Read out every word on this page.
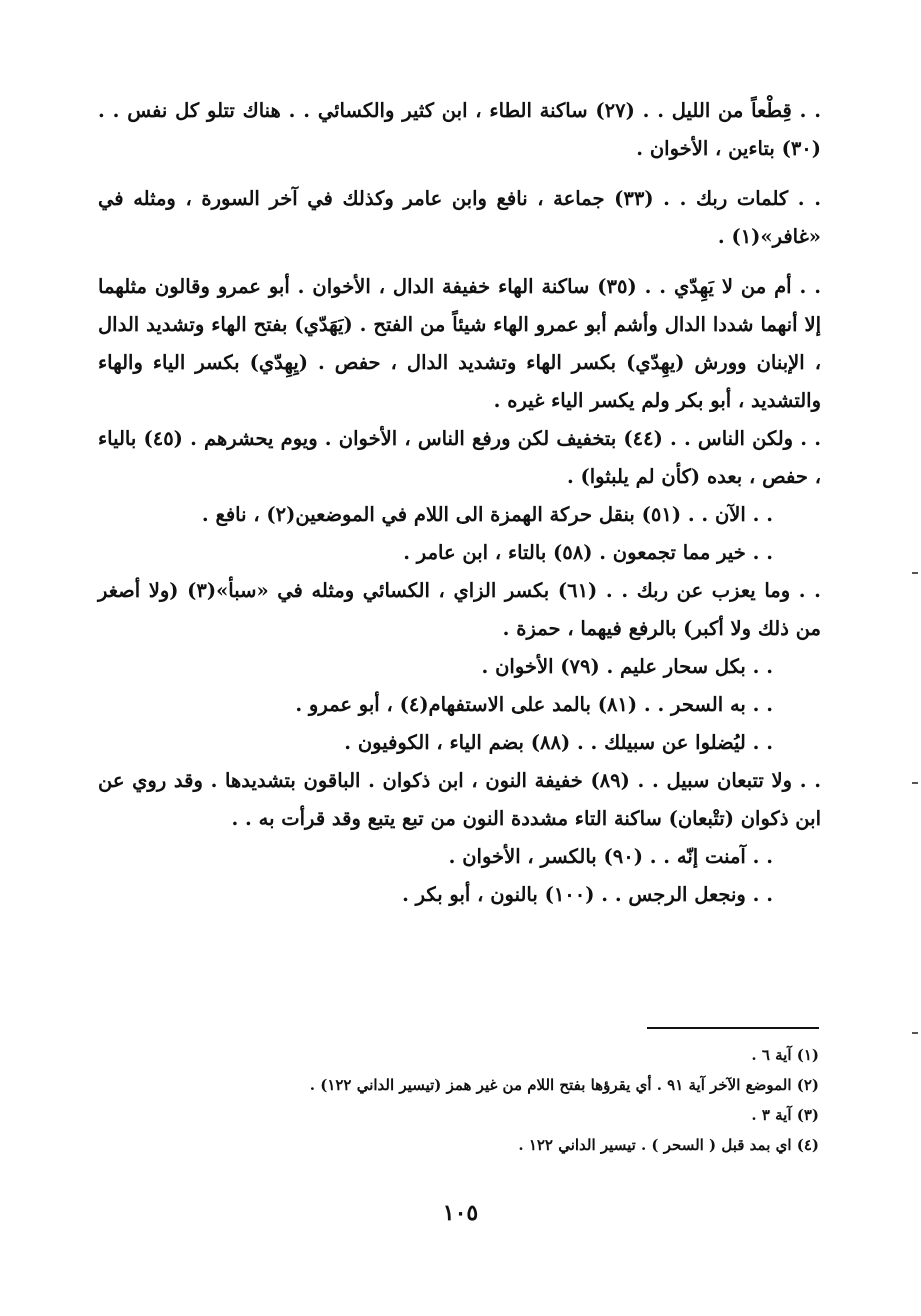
. . قِطْعاً من الليل . . (٢٧) ساكنة الطاء ، ابن كثير والكسائي . . هناك تتلو كل نفس . . (٣٠) بتاءين ، الأخوان .

. . كلمات ربك . . (٣٣) جماعة ، نافع وابن عامر وكذلك في آخر السورة ، ومثله في «غافر»(١) .

. . أم من لا يَهِدّي . . (٣٥) ساكنة الهاء خفيفة الدال ، الأخوان . أبو عمرو وقالون مثلهما إلا أنهما شددا الدال وأشم أبو عمرو الهاء شيئاً من الفتح . (يَهَدّي) بفتح الهاء وتشديد الدال ، الإبنان وورش (يهِدّي) بكسر الهاء وتشديد الدال ، حفص . (يِهِدّي) بكسر الياء والهاء والتشديد ، أبو بكر ولم يكسر الياء غيره .

. . ولكن الناس . . (٤٤) بتخفيف لكن ورفع الناس ، الأخوان . ويوم يحشرهم . (٤٥) بالياء ، حفص ، بعده (كأن لم يلبثوا) .

. . الآن . . (٥١) بنقل حركة الهمزة الى اللام في الموضعين(٢) ، نافع .

. . خير مما تجمعون . (٥٨) بالتاء ، ابن عامر .

. . وما يعزب عن ربك . . (٦١) بكسر الزاي ، الكسائي ومثله في «سبأ»(٣) (ولا أصغر من ذلك ولا أكبر) بالرفع فيهما ، حمزة .

. . بكل سحار عليم . (٧٩) الأخوان .

. . به السحر . . (٨١) بالمد على الاستفهام(٤) ، أبو عمرو .

. . ليُضلوا عن سبيلك . . (٨٨) بضم الياء ، الكوفيون .

. . ولا تتبعان سبيل . . (٨٩) خفيفة النون ، ابن ذكوان . الباقون بتشديدها . وقد روي عن ابن ذكوان (تتْبعان) ساكنة التاء مشددة النون من تبع يتبع وقد قرأت به . .

. . آمنت إنّه . . (٩٠) بالكسر ، الأخوان .

. . ونجعل الرجس . . (١٠٠) بالنون ، أبو بكر .

(١) آية ٦ .

(٢) الموضع الآخر آية ٩١ . أي يقرؤها بفتح اللام من غير همز (تيسير الداني ١٢٢) .

(٣) آية ٣ .

(٤) اي بمد قبل ( السحر ) . تيسير الداني ١٢٢ .

١٠٥
